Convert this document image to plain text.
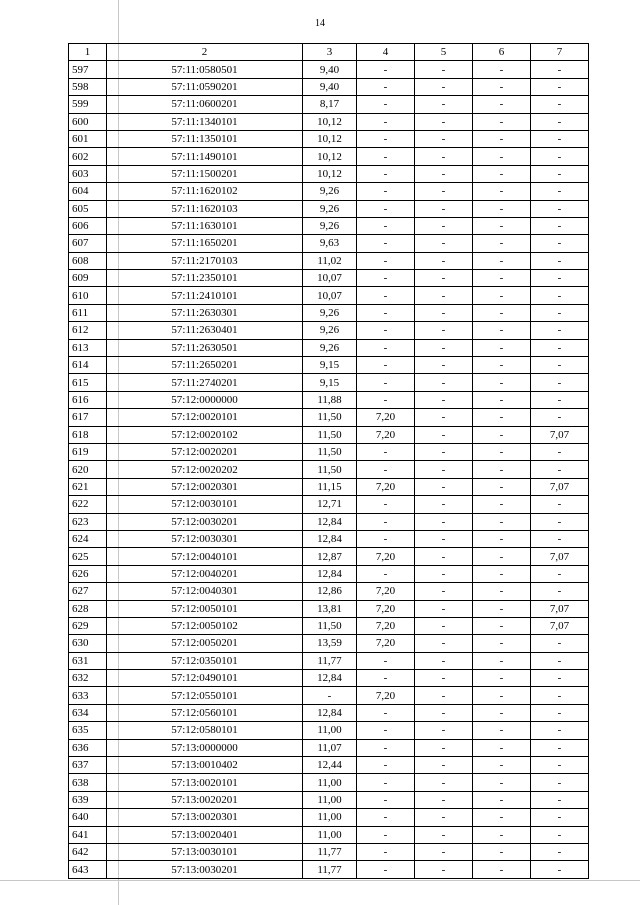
14
1	2	3	4	5	6	7
597	57:11:0580501	9,40	-	-	-	-
598	57:11:0590201	9,40	-	-	-	-
599	57:11:0600201	8,17	-	-	-	-
600	57:11:1340101	10,12	-	-	-	-
601	57:11:1350101	10,12	-	-	-	-
602	57:11:1490101	10,12	-	-	-	-
603	57:11:1500201	10,12	-	-	-	-
604	57:11:1620102	9,26	-	-	-	-
605	57:11:1620103	9,26	-	-	-	-
606	57:11:1630101	9,26	-	-	-	-
607	57:11:1650201	9,63	-	-	-	-
608	57:11:2170103	11,02	-	-	-	-
609	57:11:2350101	10,07	-	-	-	-
610	57:11:2410101	10,07	-	-	-	-
611	57:11:2630301	9,26	-	-	-	-
612	57:11:2630401	9,26	-	-	-	-
613	57:11:2630501	9,26	-	-	-	-
614	57:11:2650201	9,15	-	-	-	-
615	57:11:2740201	9,15	-	-	-	-
616	57:12:0000000	11,88	-	-	-	-
617	57:12:0020101	11,50	7,20	-	-	-
618	57:12:0020102	11,50	7,20	-	-	7,07
619	57:12:0020201	11,50	-	-	-	-
620	57:12:0020202	11,50	-	-	-	-
621	57:12:0020301	11,15	7,20	-	-	7,07
622	57:12:0030101	12,71	-	-	-	-
623	57:12:0030201	12,84	-	-	-	-
624	57:12:0030301	12,84	-	-	-	-
625	57:12:0040101	12,87	7,20	-	-	7,07
626	57:12:0040201	12,84	-	-	-	-
627	57:12:0040301	12,86	7,20	-	-	-
628	57:12:0050101	13,81	7,20	-	-	7,07
629	57:12:0050102	11,50	7,20	-	-	7,07
630	57:12:0050201	13,59	7,20	-	-	-
631	57:12:0350101	11,77	-	-	-	-
632	57:12:0490101	12,84	-	-	-	-
633	57:12:0550101	-	7,20	-	-	-
634	57:12:0560101	12,84	-	-	-	-
635	57:12:0580101	11,00	-	-	-	-
636	57:13:0000000	11,07	-	-	-	-
637	57:13:0010402	12,44	-	-	-	-
638	57:13:0020101	11,00	-	-	-	-
639	57:13:0020201	11,00	-	-	-	-
640	57:13:0020301	11,00	-	-	-	-
641	57:13:0020401	11,00	-	-	-	-
642	57:13:0030101	11,77	-	-	-	-
643	57:13:0030201	11,77	-	-	-	-
